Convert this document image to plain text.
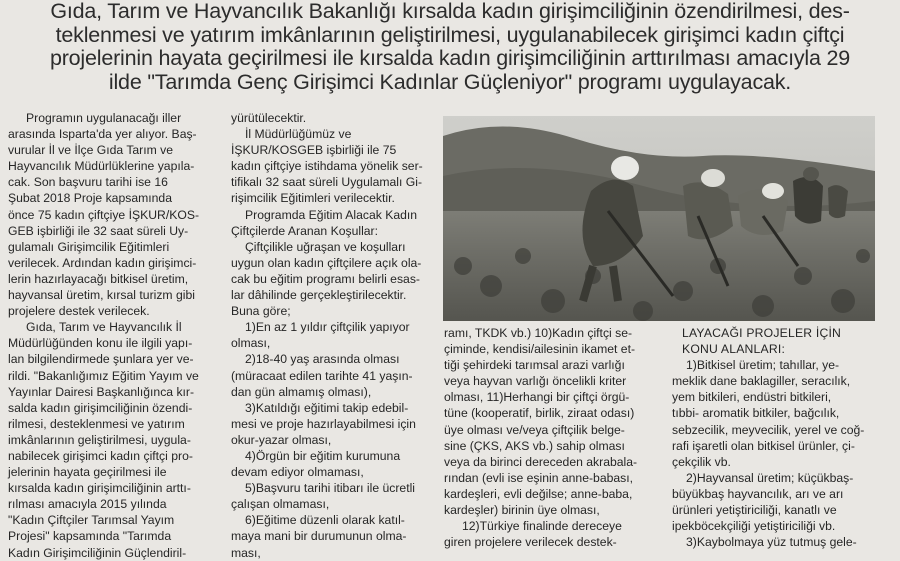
Gıda, Tarım ve Hayvancılık Bakanlığı kırsalda kadın girişimciliğinin özendirilmesi, des-
teklenmesi ve yatırım imkânlarının geliştirilmesi, uygulanabilecek girişimci kadın çiftçi
projelerinin hayata geçirilmesi ile kırsalda kadın girişimciliğinin arttırılması amacıyla 29
ilde "Tarımda Genç Girişimci Kadınlar Güçleniyor" programı uygulayacak.

Programın uygulanacağı iller

arasında Isparta'da yer alıyor. Baş-

vurular İl ve İlçe Gıda Tarım ve

Hayvancılık Müdürlüklerine yapıla-

cak. Son başvuru tarihi ise 16

Şubat 2018 Proje kapsamında

önce 75 kadın çiftçiye İŞKUR/KOS-

GEB işbirliği ile 32 saat süreli Uy-

gulamalı Girişimcilik Eğitimleri

verilecek. Ardından kadın girişimci-

lerin hazırlayacağı bitkisel üretim,

hayvansal üretim, kırsal turizm gibi

projelere destek verilecek.

Gıda, Tarım ve Hayvancılık İl

Müdürlüğünden konu ile ilgili yapı-

lan bilgilendirmede şunlara yer ve-

rildi. "Bakanlığımız Eğitim Yayım ve

Yayınlar Dairesi Başkanlığınca kır-

salda kadın girişimciliğinin özendi-

rilmesi, desteklenmesi ve yatırım

imkânlarının geliştirilmesi, uygula-

nabilecek girişimci kadın çiftçi pro-

jelerinin hayata geçirilmesi ile

kırsalda kadın girişimciliğinin arttı-

rılması amacıyla 2015 yılında

"Kadın Çiftçiler Tarımsal Yayım

Projesi" kapsamında "Tarımda

Kadın Girişimciliğinin Güçlendiril-

yürütülecektir.

İl Müdürlüğümüz ve

İŞKUR/KOSGEB işbirliği ile 75

kadın çiftçiye istihdama yönelik ser-

tifikalı 32 saat süreli Uygulamalı Gi-

rişimcilik Eğitimleri verilecektir.

Programda Eğitim Alacak Kadın

Çiftçilerde Aranan Koşullar:

Çiftçilikle uğraşan ve koşulları

uygun olan kadın çiftçilere açık ola-

cak bu eğitim programı belirli esas-

lar dâhilinde gerçekleştirilecektir.

Buna göre;

1)En az 1 yıldır çiftçilik yapıyor

olması,

2)18-40 yaş arasında olması

(müracaat edilen tarihte 41 yaşın-

dan gün almamış olması),

3)Katıldığı eğitimi takip edebil-

mesi ve proje hazırlayabilmesi için

okur-yazar olması,

4)Örgün bir eğitim kurumuna

devam ediyor olmaması,

5)Başvuru tarihi itibarı ile ücretli

çalışan olmaması,

6)Eğitime düzenli olarak katıl-

maya mani bir durumunun olma-

ması,

ramı, TKDK vb.) 10)Kadın çiftçi se-

çiminde, kendisi/ailesinin ikamet et-

tiği şehirdeki tarımsal arazi varlığı

veya hayvan varlığı öncelikli kriter

olması, 11)Herhangi bir çiftçi örgü-

tüne (kooperatif, birlik, ziraat odası)

üye olması ve/veya çiftçilik belge-

sine (ÇKS, AKS vb.) sahip olması

veya da birinci dereceden akrabala-

rından (evli ise eşinin anne-babası,

kardeşleri, evli değilse; anne-baba,

kardeşler) birinin üye olması,

12)Türkiye finalinde dereceye

giren projelere verilecek destek-

LAYACAĞI PROJELER İÇİN

KONU ALANLARI:

1)Bitkisel üretim; tahıllar, ye-

meklik dane baklagiller, seracılık,

yem bitkileri, endüstri bitkileri,

tıbbi- aromatik bitkiler, bağcılık,

sebzecilik, meyvecilik, yerel ve coğ-

rafi işaretli olan bitkisel ürünler, çi-

çekçilik vb.

2)Hayvansal üretim; küçükbaş-

büyükbaş hayvancılık, arı ve arı

ürünleri yetiştiriciliği, kanatlı ve

ipekböcekçiliği yetiştiriciliği vb.

3)Kaybolmaya yüz tutmuş gele-
